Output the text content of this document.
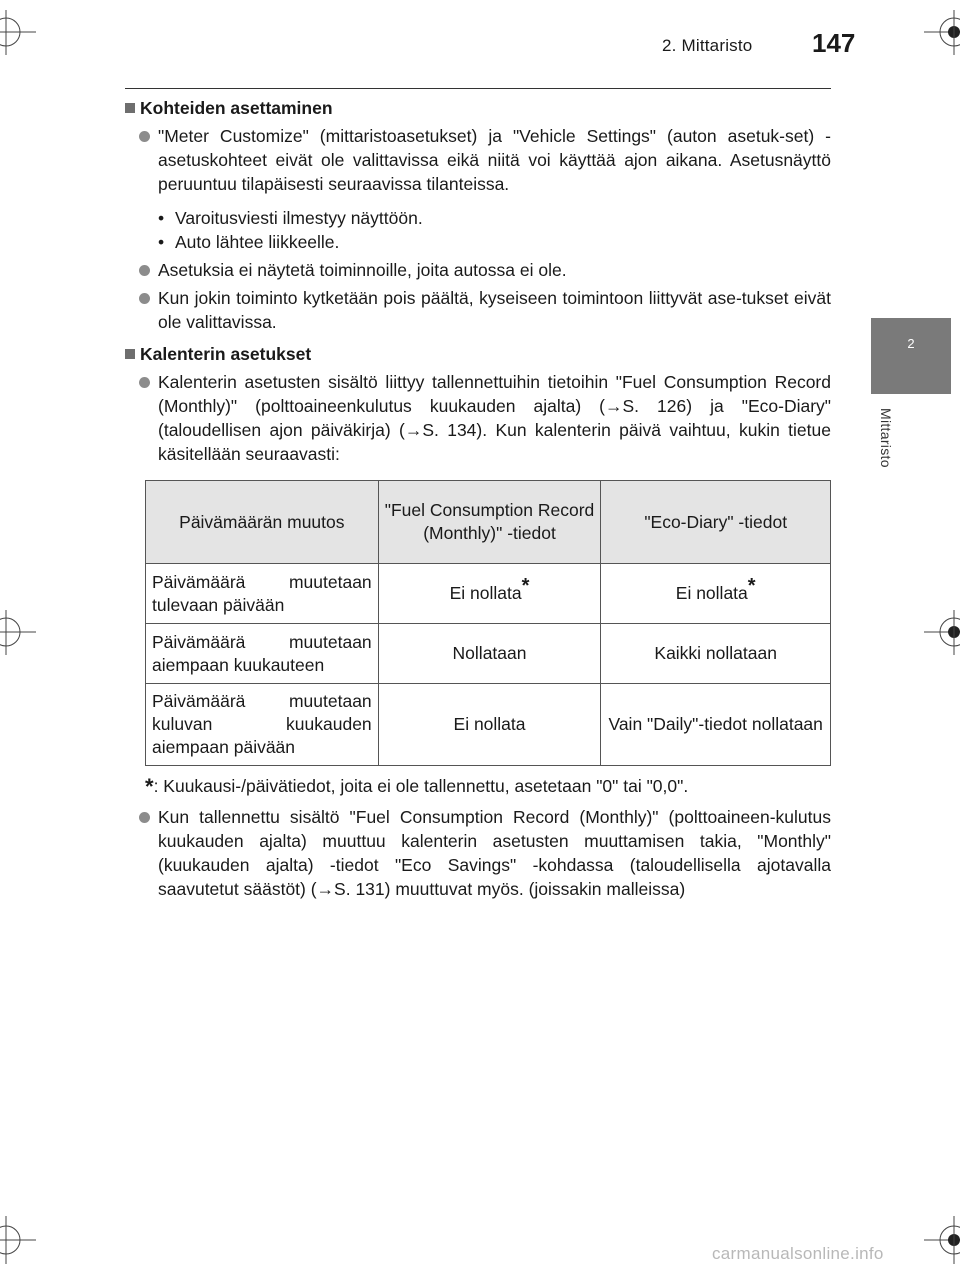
2. Mittaristo 147
2
Mittaristo
Kohteiden asettaminen

"Meter Customize" (mittaristoasetukset) ja "Vehicle Settings" (auton asetuk-set) -asetuskohteet eivät ole valittavissa eikä niitä voi käyttää ajon aikana. Asetusnäyttö peruuntuu tilapäisesti seuraavissa tilanteissa.

• Varoitusviesti ilmestyy näyttöön.

• Auto lähtee liikkeelle.

Asetuksia ei näytetä toiminnoille, joita autossa ei ole.

Kun jokin toiminto kytketään pois päältä, kyseiseen toimintoon liittyvät ase-tukset eivät ole valittavissa.

Kalenterin asetukset

Kalenterin asetusten sisältö liittyy tallennettuihin tietoihin "Fuel Consumption Record (Monthly)" (polttoaineenkulutus kuukauden ajalta) (→S. 126) ja "Eco-Diary" (taloudellisen ajon päiväkirja) (→S. 134). Kun kalenterin päivä vaihtuu, kukin tietue käsitellään seuraavasti:

Päivämäärän muutos	"Fuel Consumption Record (Monthly)" -tiedot	"Eco-Diary" -tiedot
Päivämäärä muutetaan tulevaan päivään	Ei nollata*	Ei nollata*
Päivämäärä muutetaan aiempaan kuukauteen	Nollataan	Kaikki nollataan
Päivämäärä muutetaan kuluvan kuukauden aiempaan päivään	Ei nollata	Vain "Daily"-tiedot nollataan

*: Kuukausi-/päivätiedot, joita ei ole tallennettu, asetetaan "0" tai "0,0".

Kun tallennettu sisältö "Fuel Consumption Record (Monthly)" (polttoaineen-kulutus kuukauden ajalta) muuttuu kalenterin asetusten muuttamisen takia, "Monthly" (kuukauden ajalta) -tiedot "Eco Savings" -kohdassa (taloudellisella ajotavalla saavutetut säästöt) (→S. 131) muuttuvat myös. (joissakin malleissa)

carmanualsonline.info
